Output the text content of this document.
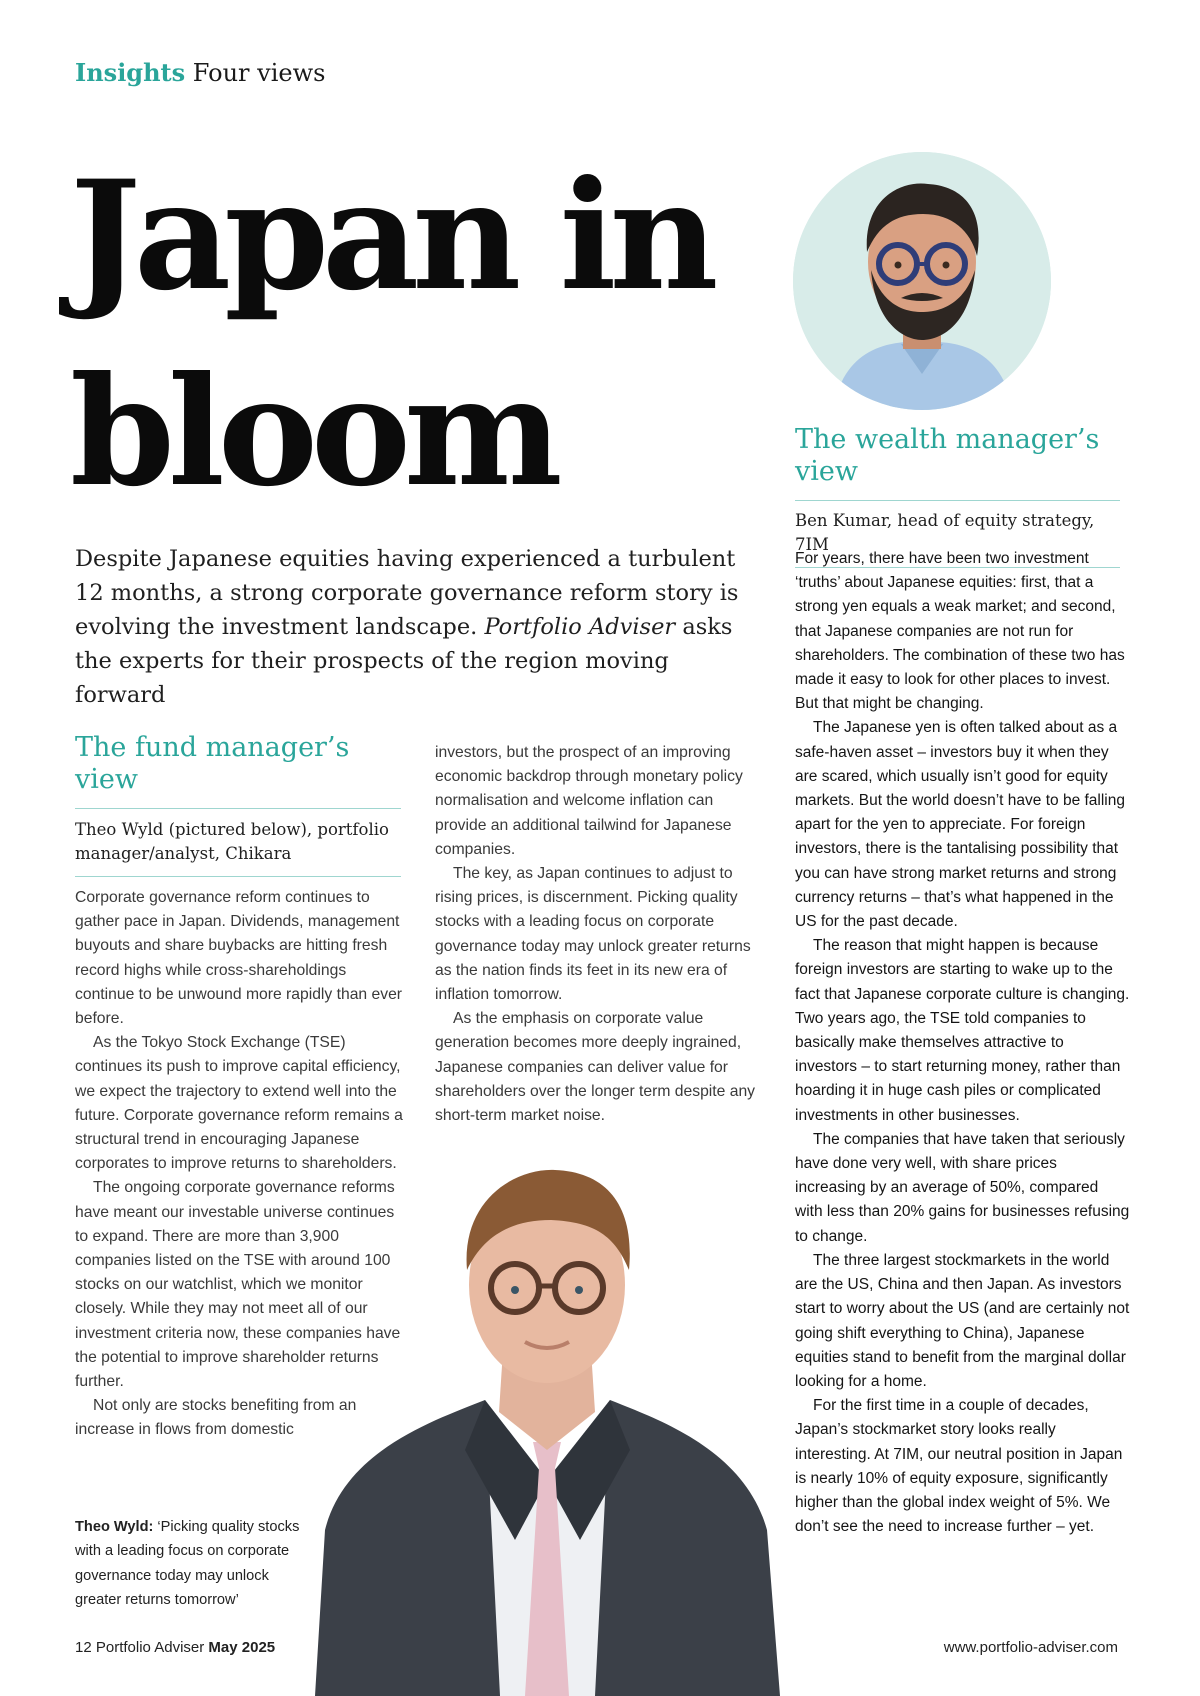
Insights Four views
Japan in
bloom

Despite Japanese equities having experienced a turbulent 12 months, a strong corporate governance reform story is evolving the investment landscape. Portfolio Adviser asks the experts for their prospects of the region moving forward

The wealth manager’s view

Ben Kumar, head of equity strategy, 7IM

For years, there have been two investment ‘truths’ about Japanese equities: first, that a strong yen equals a weak market; and second, that Japanese companies are not run for shareholders. The combination of these two has made it easy to look for other places to invest. But that might be changing.

The Japanese yen is often talked about as a safe-haven asset – investors buy it when they are scared, which usually isn’t good for equity markets. But the world doesn’t have to be falling apart for the yen to appreciate. For foreign investors, there is the tantalising possibility that you can have strong market returns and strong currency returns – that’s what happened in the US for the past decade.

The reason that might happen is because foreign investors are starting to wake up to the fact that Japanese corporate culture is changing. Two years ago, the TSE told companies to basically make themselves attractive to investors – to start returning money, rather than hoarding it in huge cash piles or complicated investments in other businesses.

The companies that have taken that seriously have done very well, with share prices increasing by an average of 50%, compared with less than 20% gains for businesses refusing to change.

The three largest stockmarkets in the world are the US, China and then Japan. As investors start to worry about the US (and are certainly not going shift everything to China), Japanese equities stand to benefit from the marginal dollar looking for a home.

For the first time in a couple of decades, Japan’s stockmarket story looks really interesting. At 7IM, our neutral position in Japan is nearly 10% of equity exposure, significantly higher than the global index weight of 5%. We don’t see the need to increase further – yet.

The fund manager’s view

Theo Wyld (pictured below), portfolio manager/analyst, Chikara

Corporate governance reform continues to gather pace in Japan. Dividends, management buyouts and share buybacks are hitting fresh record highs while cross-shareholdings continue to be unwound more rapidly than ever before.

As the Tokyo Stock Exchange (TSE) continues its push to improve capital efficiency, we expect the trajectory to extend well into the future. Corporate governance reform remains a structural trend in encouraging Japanese corporates to improve returns to shareholders.

The ongoing corporate governance reforms have meant our investable universe continues to expand. There are more than 3,900 companies listed on the TSE with around 100 stocks on our watchlist, which we monitor closely. While they may not meet all of our investment criteria now, these companies have the potential to improve shareholder returns further.

Not only are stocks benefiting from an increase in flows from domestic

investors, but the prospect of an improving economic backdrop through monetary policy normalisation and welcome inflation can provide an additional tailwind for Japanese companies.

The key, as Japan continues to adjust to rising prices, is discernment. Picking quality stocks with a leading focus on corporate governance today may unlock greater returns as the nation finds its feet in its new era of inflation tomorrow.

As the emphasis on corporate value generation becomes more deeply ingrained, Japanese companies can deliver value for shareholders over the longer term despite any short-term market noise.

Theo Wyld: ‘Picking quality stocks with a leading focus on corporate governance today may unlock greater returns tomorrow’

12 Portfolio Adviser May 2025	www.portfolio-adviser.com
